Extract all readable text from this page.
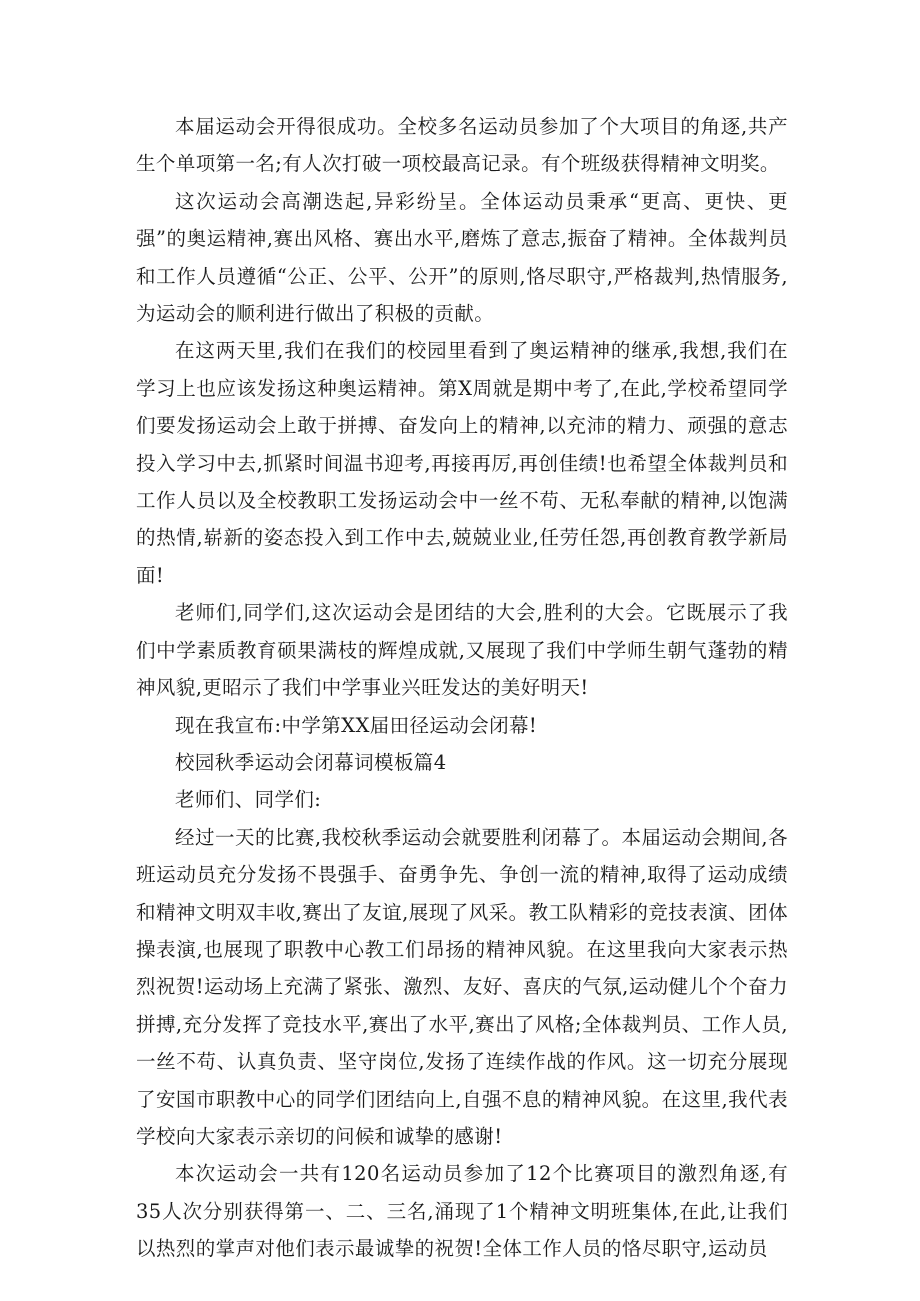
本届运动会开得很成功。全校多名运动员参加了个大项目的角逐,共产生个单项第一名;有人次打破一项校最高记录。有个班级获得精神文明奖。

这次运动会高潮迭起,异彩纷呈。全体运动员秉承“更高、更快、更强”的奥运精神,赛出风格、赛出水平,磨炼了意志,振奋了精神。全体裁判员和工作人员遵循“公正、公平、公开”的原则,恪尽职守,严格裁判,热情服务,为运动会的顺利进行做出了积极的贡献。

在这两天里,我们在我们的校园里看到了奥运精神的继承,我想,我们在学习上也应该发扬这种奥运精神。第X周就是期中考了,在此,学校希望同学们要发扬运动会上敢于拼搏、奋发向上的精神,以充沛的精力、顽强的意志投入学习中去,抓紧时间温书迎考,再接再厉,再创佳绩!也希望全体裁判员和工作人员以及全校教职工发扬运动会中一丝不苟、无私奉献的精神,以饱满的热情,崭新的姿态投入到工作中去,兢兢业业,任劳任怨,再创教育教学新局面!

老师们,同学们,这次运动会是团结的大会,胜利的大会。它既展示了我们中学素质教育硕果满枝的辉煌成就,又展现了我们中学师生朝气蓬勃的精神风貌,更昭示了我们中学事业兴旺发达的美好明天!

现在我宣布:中学第XX届田径运动会闭幕!

校园秋季运动会闭幕词模板篇4

老师们、同学们:

经过一天的比赛,我校秋季运动会就要胜利闭幕了。本届运动会期间,各班运动员充分发扬不畏强手、奋勇争先、争创一流的精神,取得了运动成绩和精神文明双丰收,赛出了友谊,展现了风采。教工队精彩的竞技表演、团体操表演,也展现了职教中心教工们昂扬的精神风貌。在这里我向大家表示热烈祝贺!运动场上充满了紧张、激烈、友好、喜庆的气氛,运动健儿个个奋力拼搏,充分发挥了竞技水平,赛出了水平,赛出了风格;全体裁判员、工作人员,一丝不苟、认真负责、坚守岗位,发扬了连续作战的作风。这一切充分展现了安国市职教中心的同学们团结向上,自强不息的精神风貌。在这里,我代表学校向大家表示亲切的问候和诚挚的感谢!

本次运动会一共有120名运动员参加了12个比赛项目的激烈角逐,有35人次分别获得第一、二、三名,涌现了1个精神文明班集体,在此,让我们以热烈的掌声对他们表示最诚挚的祝贺!全体工作人员的恪尽职守,运动员
